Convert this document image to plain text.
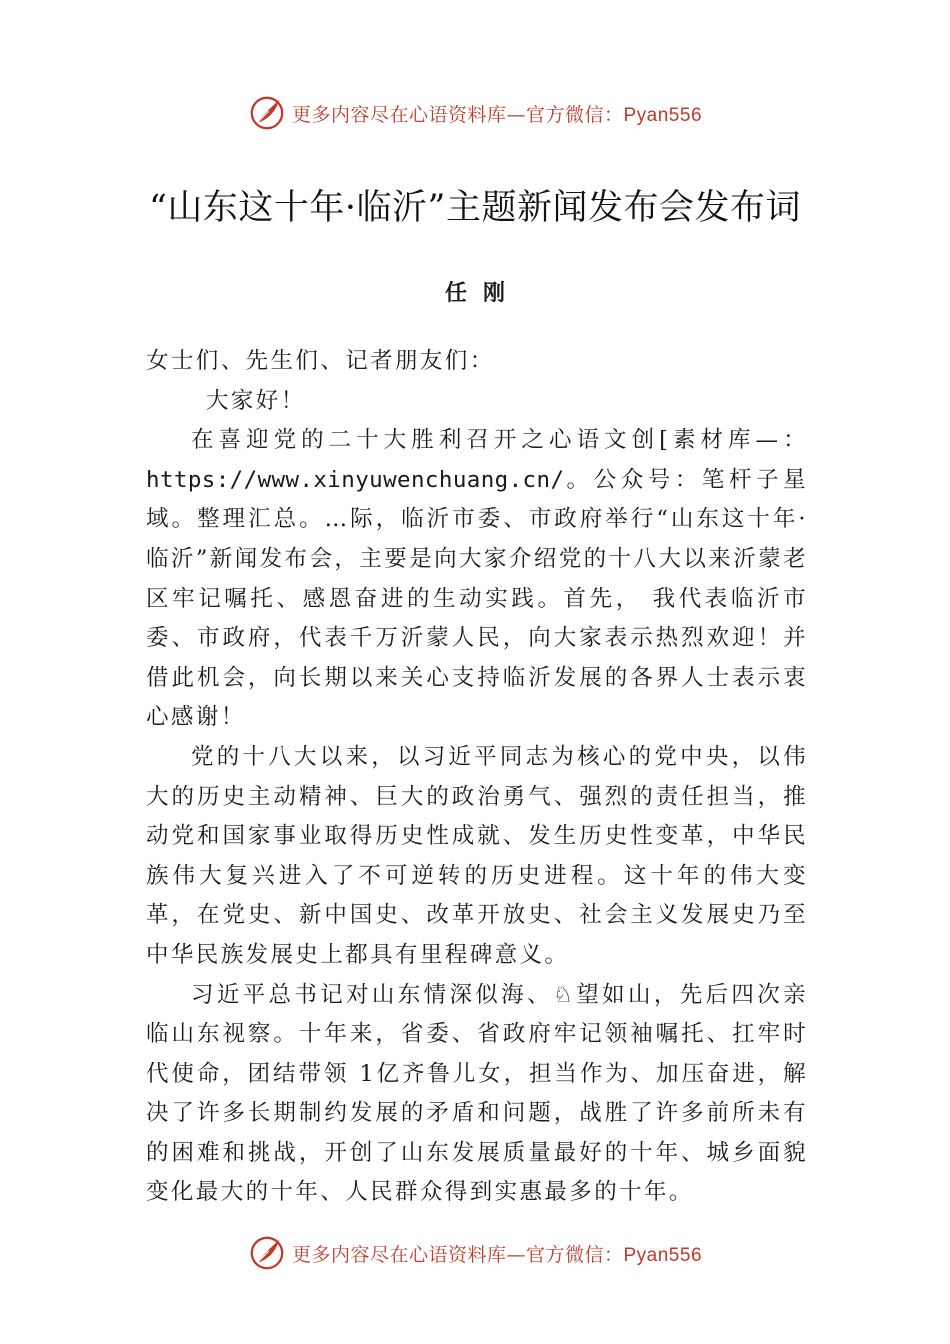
更多内容尽在心语资料库—官方微信：Pyan556
“山东这十年·临沂”主题新闻发布会发布词
任刚

女士们、先生们、记者朋友们：

大家好！

在喜迎党的二十大胜利召开之心语文创[素材库—：https://www.xinyuwenchuang.cn/。公众号：笔杆子星域。整理汇总。…际，临沂市委、市政府举行“山东这十年·临沂”新闻发布会，主要是向大家介绍党的十八大以来沂蒙老区牢记嘱托、感恩奋进的生动实践。首先， 我代表临沂市委、市政府，代表千万沂蒙人民，向大家表示热烈欢迎！并借此机会，向长期以来关心支持临沂发展的各界人士表示衷心感谢！

党的十八大以来，以习近平同志为核心的党中央，以伟大的历史主动精神、巨大的政治勇气、强烈的责任担当，推动党和国家事业取得历史性成就、发生历史性变革，中华民族伟大复兴进入了不可逆转的历史进程。这十年的伟大变革，在党史、新中国史、改革开放史、社会主义发展史乃至中华民族发展史上都具有里程碑意义。

习近平总书记对山东情深似海、♘望如山，先后四次亲临山东视察。十年来，省委、省政府牢记领袖嘱托、扛牢时代使命，团结带领 1亿齐鲁儿女，担当作为、加压奋进，解决了许多长期制约发展的矛盾和问题，战胜了许多前所未有的困难和挑战，开创了山东发展质量最好的十年、城乡面貌变化最大的十年、人民群众得到实惠最多的十年。

更多内容尽在心语资料库—官方微信：Pyan556
